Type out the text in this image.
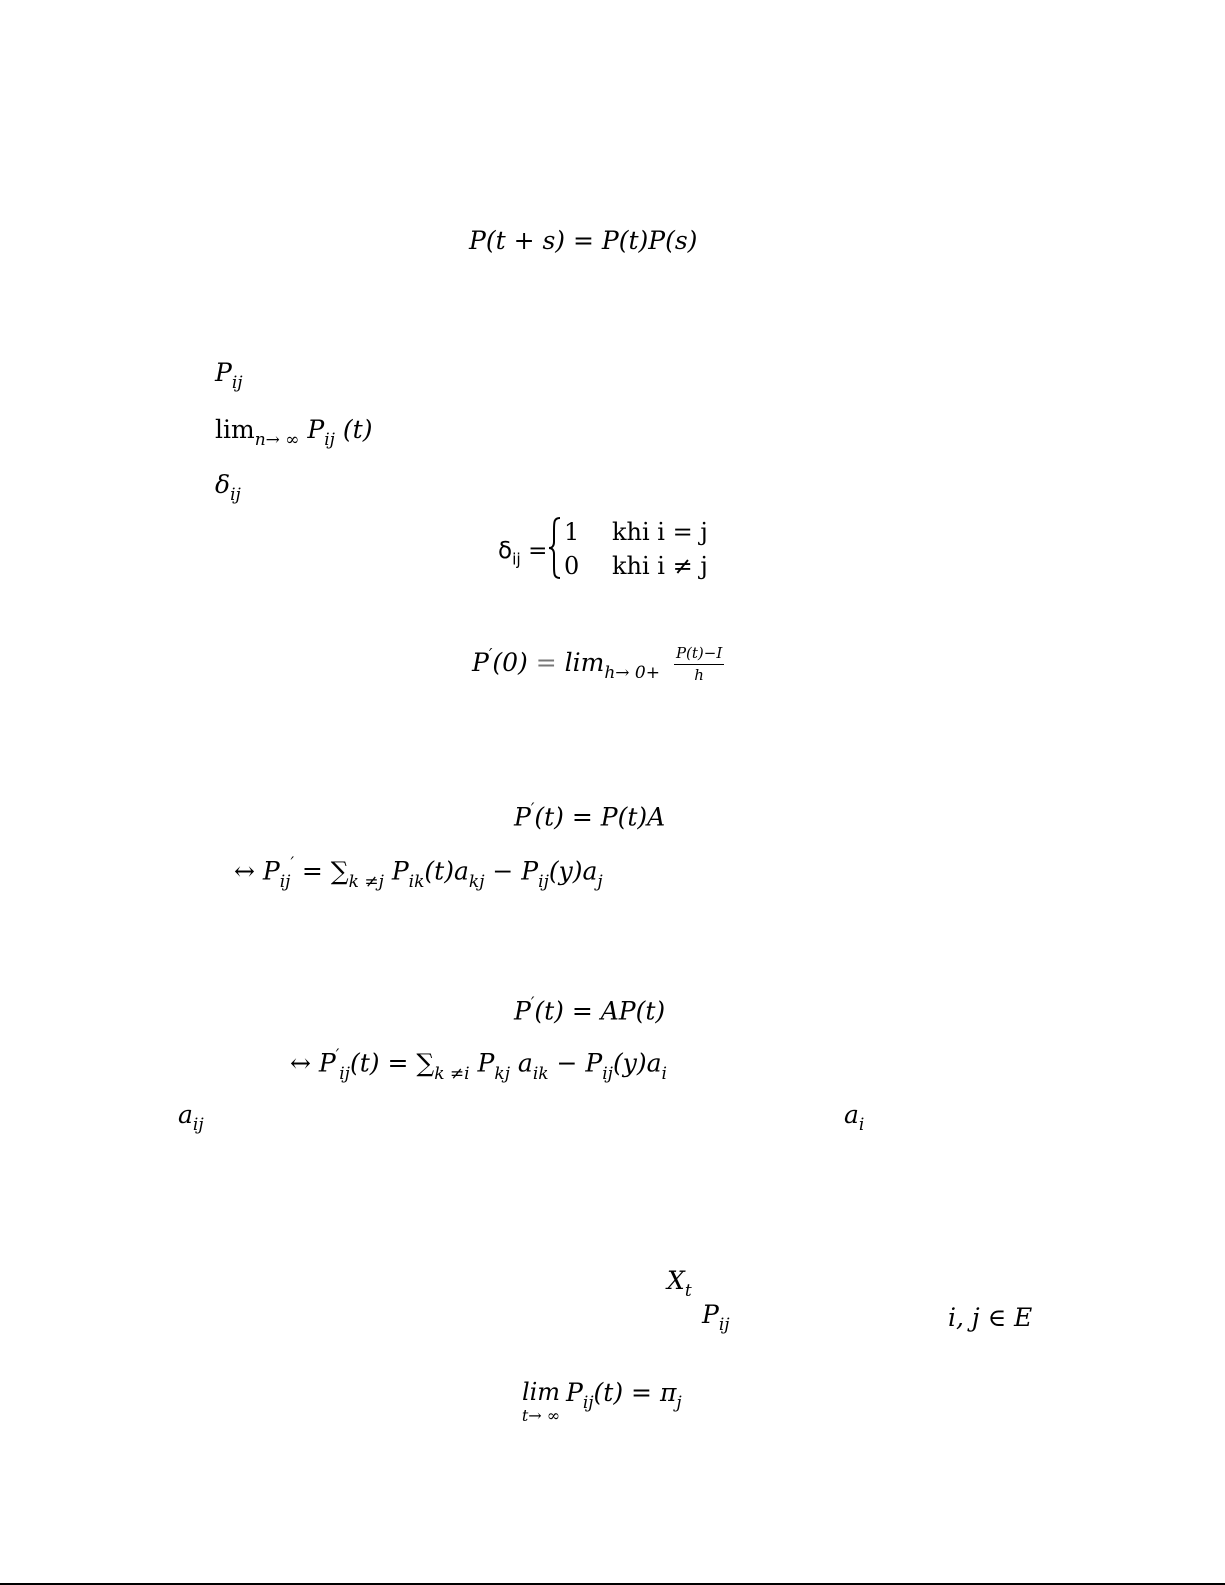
P(t + s) = P(t)P(s)
$P_{ij}$
$\lim_{n\to \infty} P_{ij}$ (t)
$\delta_{ij}$
$\delta_{ij}$ =
1 khi i = j
0 khi i ≠ j
$P'(0) = \lim_{h\to 0+} \frac{P(t)-I}{h}$
P′(t) = P(t)A
↔ $P_{ij}' = \sum_{k \ne j}$ $P_{ik}(t)a_{kj} - P_{ij}(y)a_j$
P′(t) = AP(t)
↔ $P'_{ij}(t) = \sum_{k \ne i}$ $P_{kj}$ $a_{ik} - P_{ij}(y)a_i$
$a_{ij}$	$a_i$
$X_t$
$P_{ij}$	i, j ∈ E
lim
t→ ∞
$P_{ij}(t) = \pi_j$
